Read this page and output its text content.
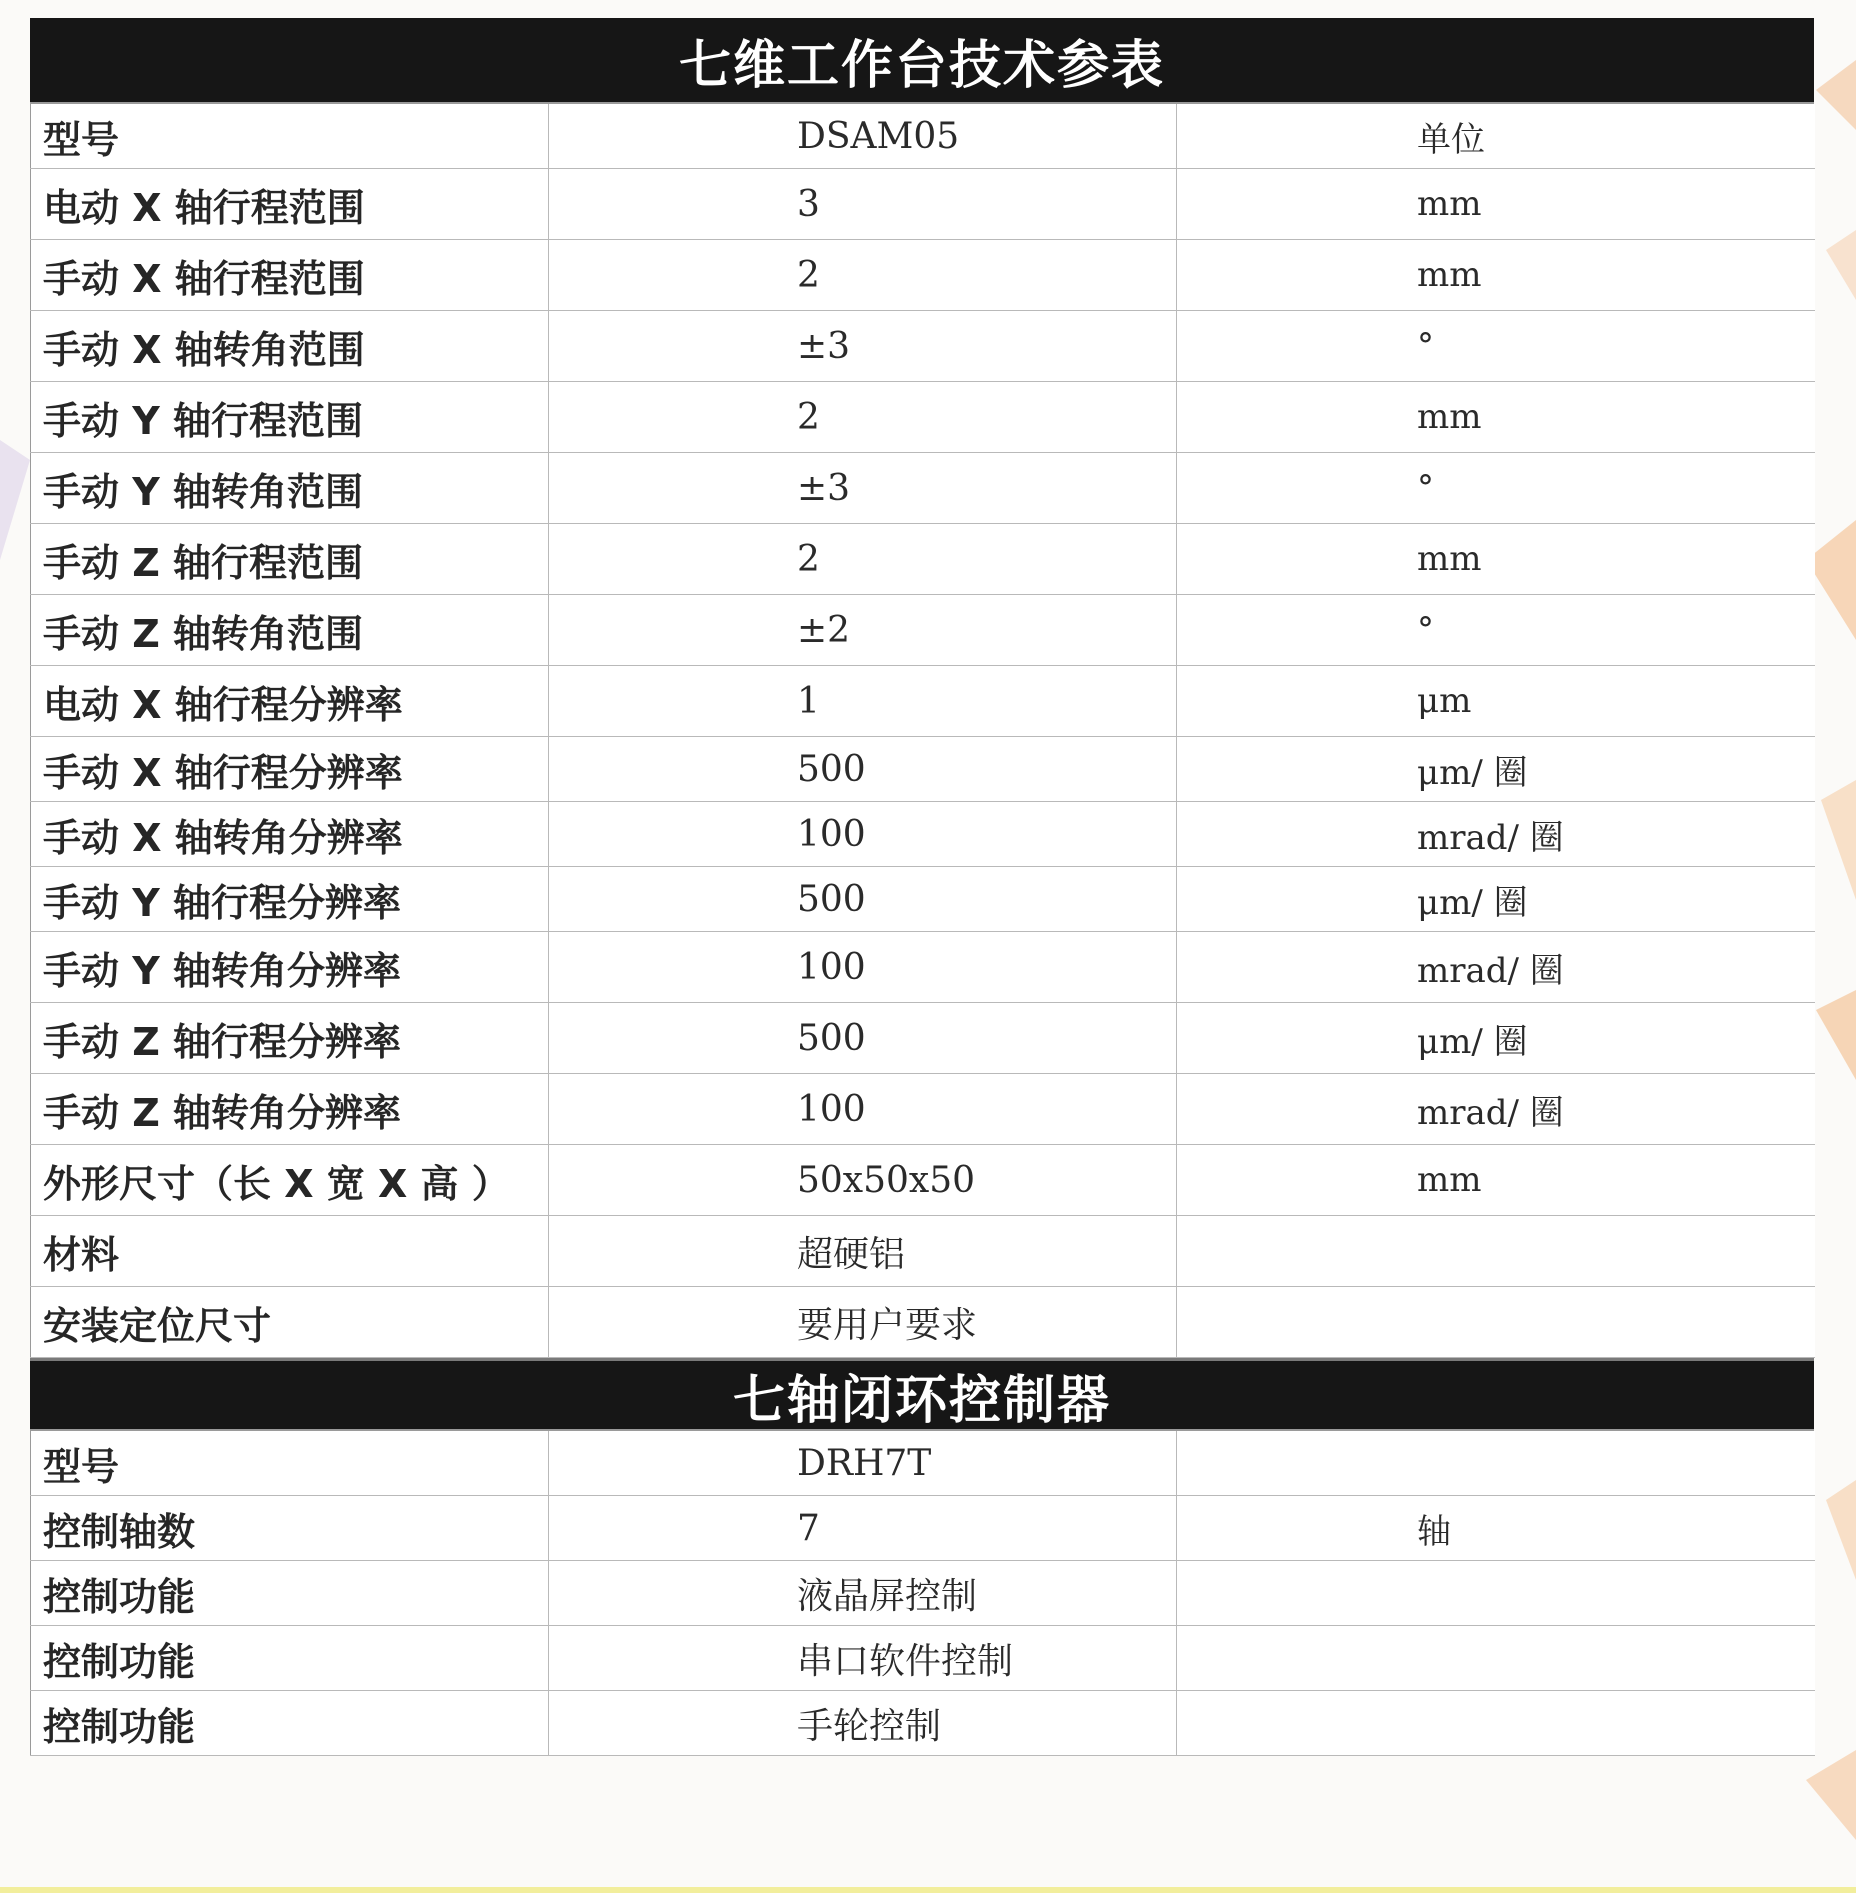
七维工作台技术参表
型号	DSAM05	单位
电动 X 轴行程范围	3	mm
手动 X 轴行程范围	2	mm
手动 X 轴转角范围	±3	°
手动 Y 轴行程范围	2	mm
手动 Y 轴转角范围	±3	°
手动 Z 轴行程范围	2	mm
手动 Z 轴转角范围	±2	°
电动 X 轴行程分辨率	1	μm
手动 X 轴行程分辨率	500	μm/ 圈
手动 X 轴转角分辨率	100	mrad/ 圈
手动 Y 轴行程分辨率	500	μm/ 圈
手动 Y 轴转角分辨率	100	mrad/ 圈
手动 Z 轴行程分辨率	500	μm/ 圈
手动 Z 轴转角分辨率	100	mrad/ 圈
外形尺寸（长 X 宽 X 高 ）	50x50x50	mm
材料	超硬铝	
安装定位尺寸	要用户要求	
七轴闭环控制器
型号	DRH7T	
控制轴数	7	轴
控制功能	液晶屏控制	
控制功能	串口软件控制	
控制功能	手轮控制	
